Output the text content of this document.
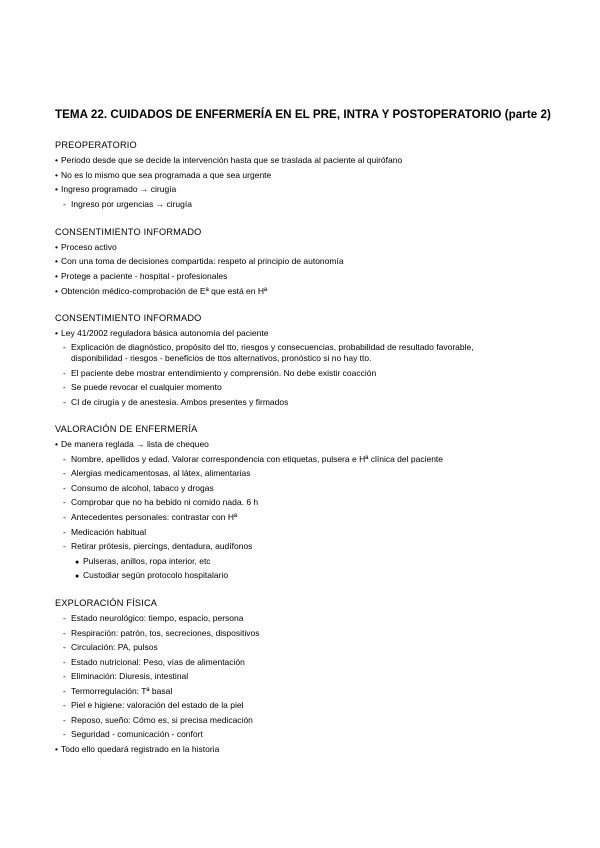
TEMA 22. CUIDADOS DE ENFERMERÍA EN EL PRE, INTRA Y POSTOPERATORIO (parte 2)
PREOPERATORIO
• Periodo desde que se decide la intervención hasta que se traslada al paciente al quirófano
• No es lo mismo que sea programada a que sea urgente
• Ingreso programado → cirugía
- Ingreso por urgencias → cirugía
CONSENTIMIENTO INFORMADO
• Proceso activo
• Con una toma de decisiones compartida: respeto al principio de autonomía
• Protege a paciente - hospital - profesionales
• Obtención médico-comprobación de Eª que está en Hª
CONSENTIMIENTO INFORMADO
• Ley 41/2002 reguladora básica autonomía del paciente
- Explicación de diagnóstico, propósito del tto, riesgos y consecuencias, probabilidad de resultado favorable,
disponibilidad - riesgos - beneficios de ttos alternativos, pronóstico si no hay tto.
- El paciente debe mostrar entendimiento y comprensión. No debe existir coacción
- Se puede revocar el cualquier momento
- CI de cirugía y de anestesia. Ambos presentes y firmados
VALORACIÓN DE ENFERMERÍA
• De manera reglada → lista de chequeo
- Nombre, apellidos y edad. Valorar correspondencia con etiquetas, pulsera e Hª clínica del paciente
- Alergias medicamentosas, al látex, alimentarias
- Consumo de alcohol, tabaco y drogas
- Comprobar que no ha bebido ni comido nada. 6 h
- Antecedentes personales: contrastar con Hª
- Medicación habitual
- Retirar prótesis, piercings, dentadura, audífonos
● Pulseras, anillos, ropa interior, etc
● Custodiar según protocolo hospitalario
EXPLORACIÓN FÍSICA
- Estado neurológico: tiempo, espacio, persona
- Respiración: patrón, tos, secreciones, dispositivos
- Circulación: PA, pulsos
- Estado nutricional: Peso, vías de alimentación
- Eliminación: Diuresis, intestinal
- Termorregulación: Tª basal
- Piel e higiene: valoración del estado de la piel
- Reposo, sueño: Cómo es, si precisa medicación
- Seguridad - comunicación - confort
• Todo ello quedará registrado en la historia
